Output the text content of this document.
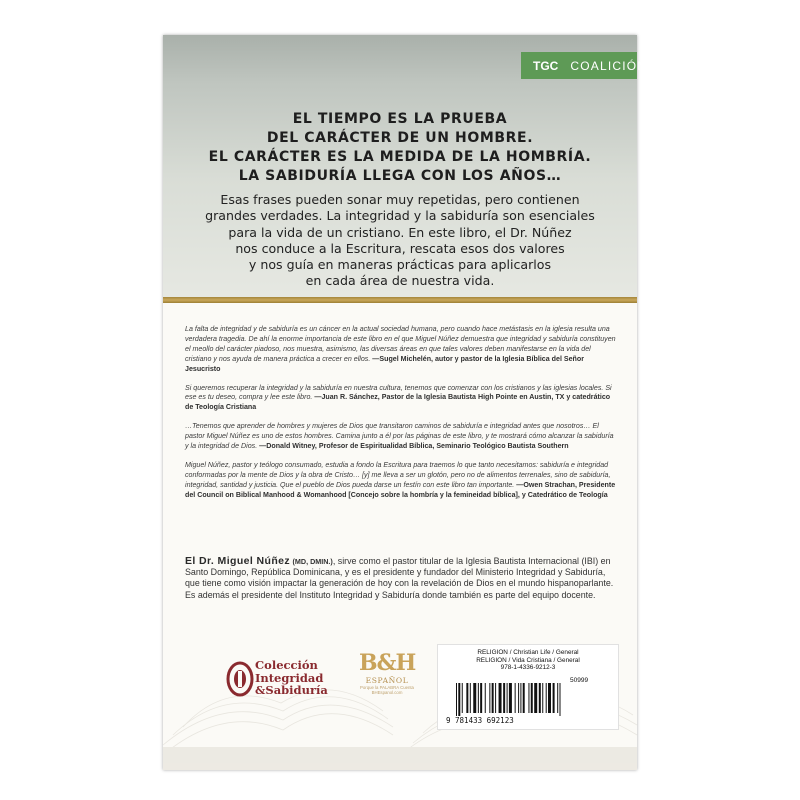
TGC COALICIÓN
EL TIEMPO ES LA PRUEBA
DEL CARÁCTER DE UN HOMBRE.
EL CARÁCTER ES LA MEDIDA DE LA HOMBRÍA.
LA SABIDURÍA LLEGA CON LOS AÑOS…
Esas frases pueden sonar muy repetidas, pero contienen
grandes verdades. La integridad y la sabiduría son esenciales
para la vida de un cristiano. En este libro, el Dr. Núñez
nos conduce a la Escritura, rescata esos dos valores
y nos guía en maneras prácticas para aplicarlos
en cada área de nuestra vida.
La falta de integridad y de sabiduría es un cáncer en la actual sociedad humana, pero cuando hace metástasis en la iglesia resulta una verdadera tragedia. De ahí la enorme importancia de este libro en el que Miguel Núñez demuestra que integridad y sabiduría constituyen el meollo del carácter piadoso, nos muestra, asimismo, las diversas áreas en que tales valores deben manifestarse en la vida del cristiano y nos ayuda de manera práctica a crecer en ellos. —Sugel Michelén, autor y pastor de la Iglesia Bíblica del Señor Jesucristo
Si queremos recuperar la integridad y la sabiduría en nuestra cultura, tenemos que comenzar con los cristianos y las iglesias locales. Si ese es tu deseo, compra y lee este libro. —Juan R. Sánchez, Pastor de la Iglesia Bautista High Pointe en Austin, TX y catedrático de Teología Cristiana
…Tenemos que aprender de hombres y mujeres de Dios que transitaron caminos de sabiduría e integridad antes que nosotros… El pastor Miguel Núñez es uno de estos hombres. Camina junto a él por las páginas de este libro, y te mostrará cómo alcanzar la sabiduría y la integridad de Dios. —Donald Witney, Profesor de Espiritualidad Bíblica, Seminario Teológico Bautista Southern
Miguel Núñez, pastor y teólogo consumado, estudia a fondo la Escritura para traemos lo que tanto necesitamos: sabiduría e integridad conformadas por la mente de Dios y la obra de Cristo… [y] me lleva a ser un glotón, pero no de alimentos terrenales, sino de sabiduría, integridad, santidad y justicia. Que el pueblo de Dios pueda darse un festín con este libro tan importante. —Owen Strachan, Presidente del Council on Biblical Manhood & Womanhood [Concejo sobre la hombría y la femineidad bíblica], y Catedrático de Teología
El Dr. Miguel Núñez (MD, DMIN.), sirve como el pastor titular de la Iglesia Bautista Internacional (IBI) en Santo Domingo, República Dominicana, y es el presidente y fundador del Ministerio Integridad y Sabiduría, que tiene como visión impactar la generación de hoy con la revelación de Dios en el mundo hispanoparlante. Es además el presidente del Instituto Integridad y Sabiduría donde también es parte del equipo docente.
Colección
Integridad
&Sabiduría
B&H
ESPAÑOL
Porque la PALABRA Cuenta
BHEspanol.com
RELIGION / Christian Life / General
RELIGION / Vida Cristiana / General
978-1-4336-9212-3
50999
9 781433 692123
